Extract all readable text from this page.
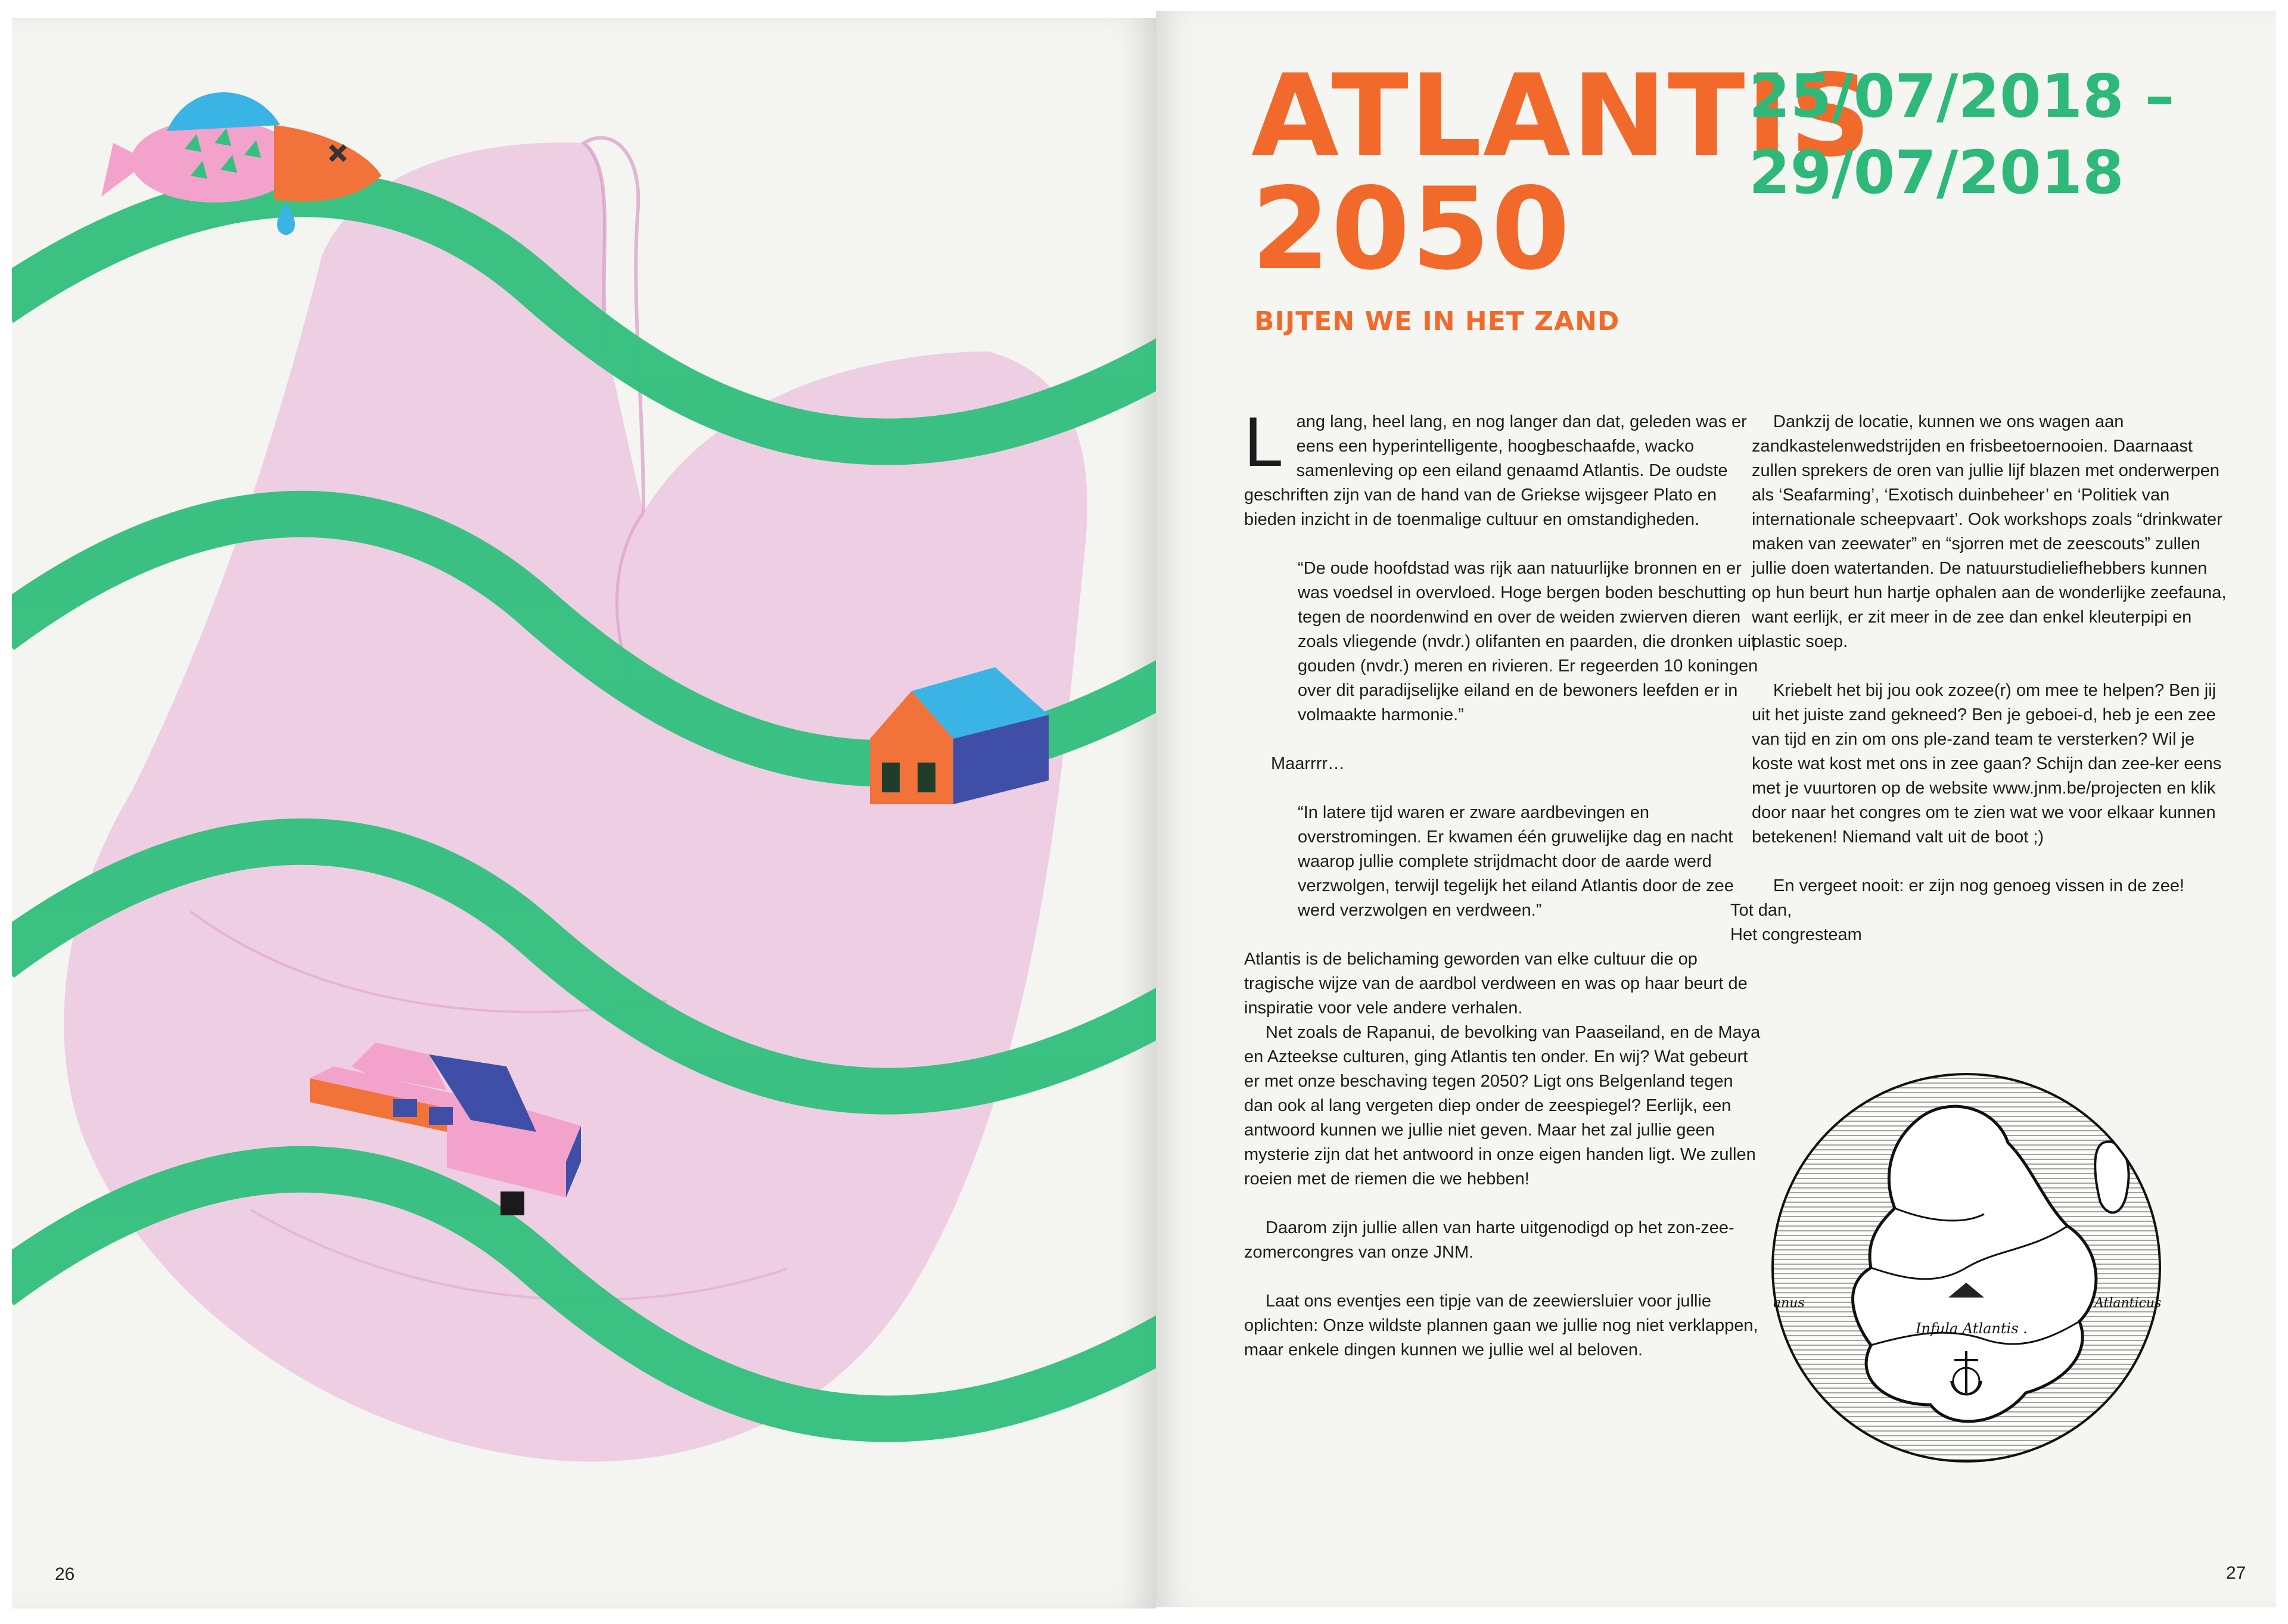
26
ATLANTIS
2050
25/07/2018 –
29/07/2018
BIJTEN WE IN HET ZAND

Lang lang, heel lang, en nog langer dan dat, geleden was er eens een hyperintelligente, hoogbeschaafde, wacko samenleving op een eiland genaamd Atlantis. De oudste geschriften zijn van de hand van de Griekse wijsgeer Plato en bieden inzicht in de toenmalige cultuur en omstandigheden.

“De oude hoofdstad was rijk aan natuurlijke bronnen en er was voedsel in overvloed. Hoge bergen boden beschutting tegen de noordenwind en over de weiden zwierven dieren zoals vliegende (nvdr.) olifanten en paarden, die dronken uit gouden (nvdr.) meren en rivieren. Er regeerden 10 koningen over dit paradijselijke eiland en de bewoners leefden er in volmaakte harmonie.”

Maarrrr…

“In latere tijd waren er zware aardbevingen en overstromingen. Er kwamen één gruwelijke dag en nacht waarop jullie complete strijdmacht door de aarde werd verzwolgen, terwijl tegelijk het eiland Atlantis door de zee werd verzwolgen en verdween.”

Atlantis is de belichaming geworden van elke cultuur die op tragische wijze van de aardbol verdween en was op haar beurt de inspiratie voor vele andere verhalen.

Net zoals de Rapanui, de bevolking van Paaseiland, en de Maya en Azteekse culturen, ging Atlantis ten onder. En wij? Wat gebeurt er met onze beschaving tegen 2050? Ligt ons Belgenland tegen dan ook al lang vergeten diep onder de zeespiegel? Eerlijk, een antwoord kunnen we jullie niet geven. Maar het zal jullie geen mysterie zijn dat het antwoord in onze eigen handen ligt. We zullen roeien met de riemen die we hebben!

Daarom zijn jullie allen van harte uitgenodigd op het zon-zee-zomercongres van onze JNM.

Laat ons eventjes een tipje van de zeewiersluier voor jullie oplichten: Onze wildste plannen gaan we jullie nog niet verklappen, maar enkele dingen kunnen we jullie wel al beloven.

Dankzij de locatie, kunnen we ons wagen aan zandkastelenwedstrijden en frisbeetoernooien. Daarnaast zullen sprekers de oren van jullie lijf blazen met onderwerpen als ‘Seafarming’, ‘Exotisch duinbeheer’ en ‘Politiek van internationale scheepvaart’. Ook workshops zoals “drinkwater maken van zeewater” en “sjorren met de zeescouts” zullen jullie doen watertanden. De natuurstudieliefhebbers kunnen op hun beurt hun hartje ophalen aan de wonderlijke zeefauna, want eerlijk, er zit meer in de zee dan enkel kleuterpipi en plastic soep.

Kriebelt het bij jou ook zozee(r) om mee te helpen? Ben jij uit het juiste zand gekneed? Ben je geboei-d, heb je een zee van tijd en zin om ons ple-zand team te versterken? Wil je koste wat kost met ons in zee gaan? Schijn dan zee-ker eens met je vuurtoren op de website www.jnm.be/projecten en klik door naar het congres om te zien wat we voor elkaar kunnen betekenen! Niemand valt uit de boot ;)

En vergeet nooit: er zijn nog genoeg vissen in de zee!
Tot dan,
Het congresteam

anus	Atlanticus
Infula Atlantis .
27
